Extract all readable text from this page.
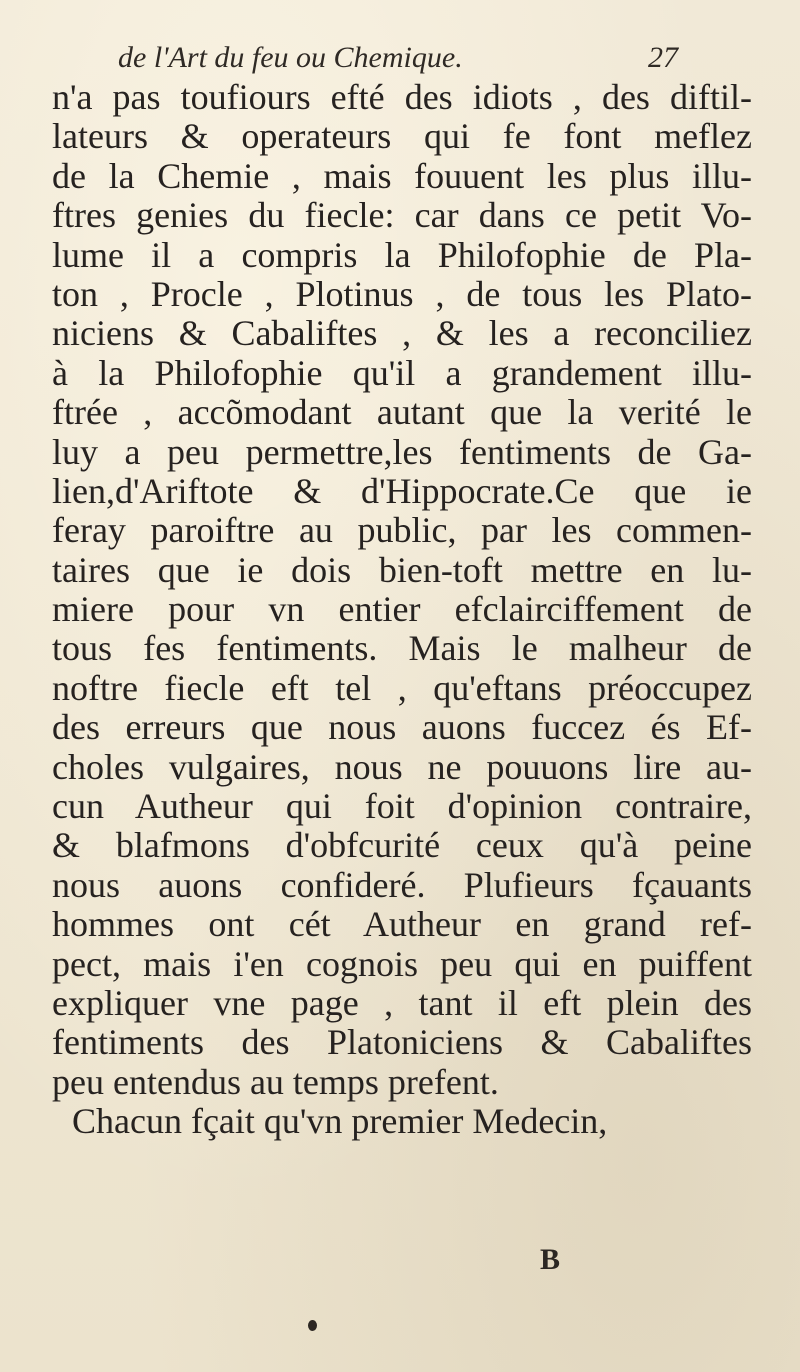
de l'Art du feu ou Chemique.	27
n'a pas toufiours efté des idiots , des diftil-
lateurs & operateurs qui fe font meflez
de la Chemie , mais fouuent les plus illu-
ftres genies du fiecle: car dans ce petit Vo-
lume il a compris la Philofophie de Pla-
ton , Procle , Plotinus , de tous les Plato-
niciens & Cabaliftes , & les a reconciliez
à la Philofophie qu'il a grandement illu-
ftrée , accõmodant autant que la verité le
luy a peu permettre,les fentiments de Ga-
lien,d'Ariftote & d'Hippocrate.Ce que ie
feray paroiftre au public, par les commen-
taires que ie dois bien-toft mettre en lu-
miere pour vn entier efclairciffement de
tous fes fentiments. Mais le malheur de
noftre fiecle eft tel , qu'eftans préoccupez
des erreurs que nous auons fuccez és Ef-
choles vulgaires, nous ne pouuons lire au-
cun Autheur qui foit d'opinion contraire,
& blafmons d'obfcurité ceux qu'à peine
nous auons confideré. Plufieurs fçauants
hommes ont cét Autheur en grand ref-
pect, mais i'en cognois peu qui en puiffent
expliquer vne page , tant il eft plein des
fentiments des Platoniciens & Cabaliftes
peu entendus au temps prefent.
Chacun fçait qu'vn premier Medecin,
B
